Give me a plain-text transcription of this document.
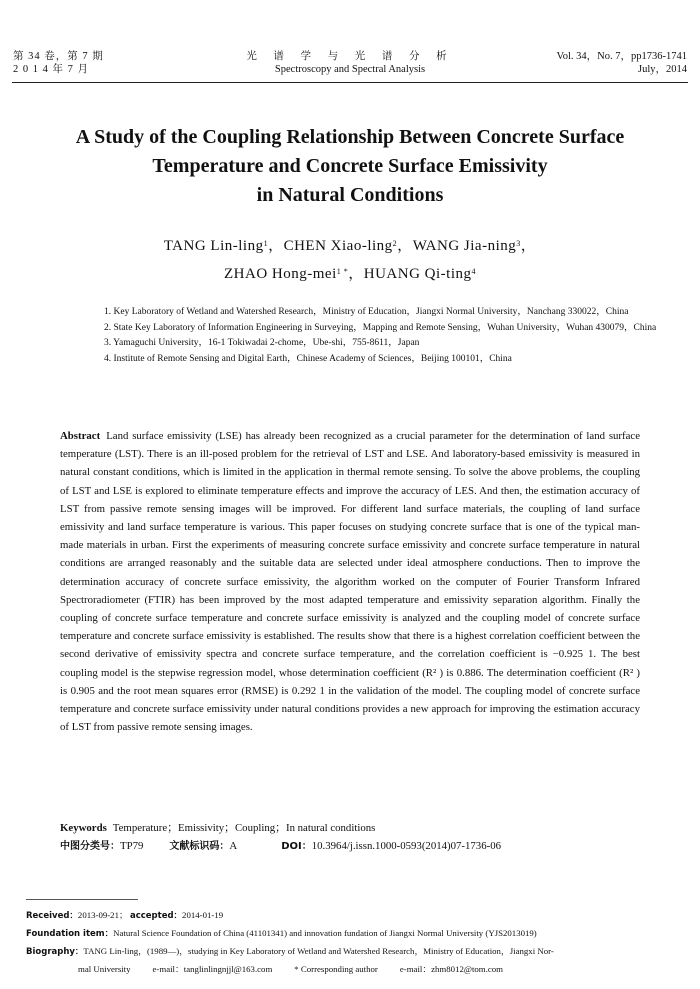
第 34 卷，第 7 期
2 0 1 4 年 7 月
光 谱 学 与 光 谱 分 析
Spectroscopy and Spectral Analysis
Vol. 34，No. 7，pp1736-1741
July，2014
A Study of the Coupling Relationship Between Concrete Surface
Temperature and Concrete Surface Emissivity
in Natural Conditions
TANG Lin-ling$^1$，CHEN Xiao-ling$^2$，WANG Jia-ning$^3$，
ZHAO Hong-mei$^{1 *}$，HUANG Qi-ting$^4$
1. Key Laboratory of Wetland and Watershed Research，Ministry of Education，Jiangxi Normal University，Nanchang 330022，China
2. State Key Laboratory of Information Engineering in Surveying，Mapping and Remote Sensing，Wuhan University，Wuhan 430079，China
3. Yamaguchi University，16-1 Tokiwadai 2-chome，Ube-shi，755-8611，Japan
4. Institute of Remote Sensing and Digital Earth，Chinese Academy of Sciences，Beijing 100101，China
Abstract Land surface emissivity (LSE) has already been recognized as a crucial parameter for the determination of land surface temperature (LST). There is an ill-posed problem for the retrieval of LST and LSE. And laboratory-based emissivity is measured in natural constant conditions, which is limited in the application in thermal remote sensing. To solve the above problems, the coupling of LST and LSE is explored to eliminate temperature effects and improve the accuracy of LES. And then, the estimation accuracy of LST from passive remote sensing images will be improved. For different land surface materials, the coupling of land surface emissivity and land surface temperature is various. This paper focuses on studying concrete surface that is one of the typical man-made materials in urban. First the experiments of measuring concrete surface emissivity and concrete surface temperature in natural conditions are arranged reasonably and the suitable data are selected under ideal atmosphere conductions. Then to improve the determination accuracy of concrete surface emissivity, the algorithm worked on the computer of Fourier Transform Infrared Spectroradiometer (FTIR) has been improved by the most adapted temperature and emissivity separation algorithm. Finally the coupling of concrete surface temperature and concrete surface emissivity is analyzed and the coupling model of concrete surface temperature and concrete surface emissivity is established. The results show that there is a highest correlation coefficient between the second derivative of emissivity spectra and concrete surface temperature, and the correlation coefficient is −0.925 1. The best coupling model is the stepwise regression model, whose determination coefficient (R² ) is 0.886. The determination coefficient (R² ) is 0.905 and the root mean squares error (RMSE) is 0.292 1 in the validation of the model. The coupling model of concrete surface temperature and concrete surface emissivity under natural conditions provides a new approach for improving the estimation accuracy of LST from passive remote sensing images.
Keywords Temperature；Emissivity；Coupling；In natural conditions
中图分类号：TP79	文献标识码：A	DOI：10.3964/j.issn.1000-0593(2014)07-1736-06
Received：2013-09-21； accepted：2014-01-19
Foundation item：Natural Science Foundation of China (41101341) and innovation fundation of Jiangxi Normal University (YJS2013019)
Biography：TANG Lin-ling，(1989—)，studying in Key Laboratory of Wetland and Watershed Research，Ministry of Education，Jiangxi Nor-
mal University	e-mail：tanglinlingnjjl@163.com	* Corresponding author	e-mail：zhm8012@tom.com
